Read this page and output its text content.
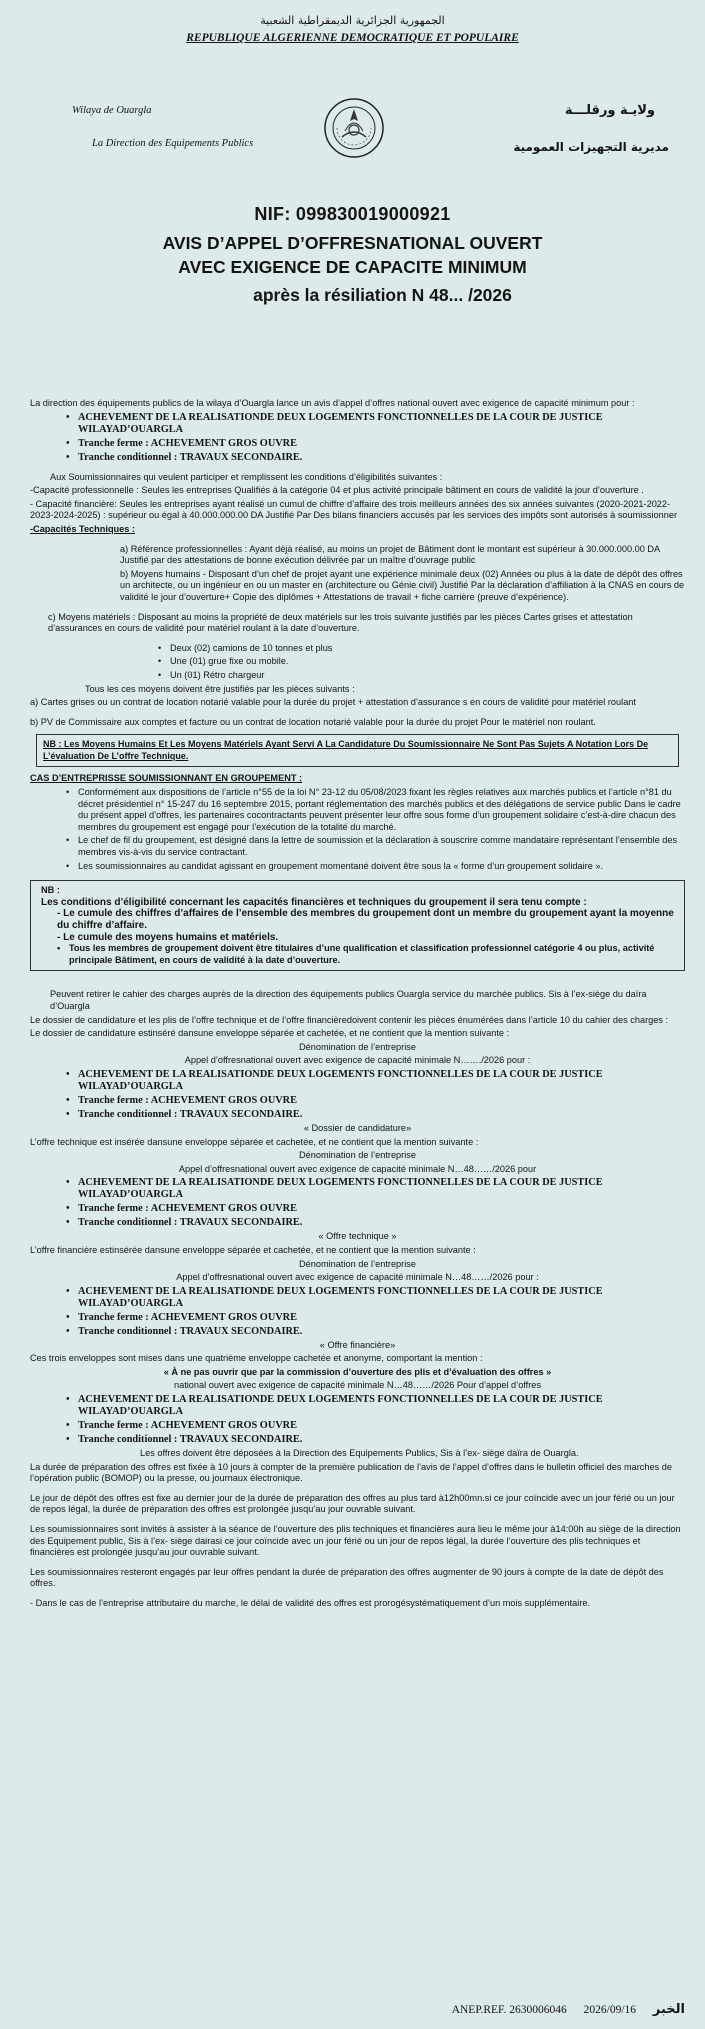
الجمهورية الجزائرية الديمقراطية الشعبية
REPUBLIQUE ALGERIENNE DEMOCRATIQUE ET POPULAIRE
Wilaya de Ouargla
La Direction des Equipements Publics
ولايـة ورقلـــة
مديرية التجهيزات العمومية
NIF: 099830019000921
AVIS D’APPEL D’OFFRESNATIONAL OUVERT
AVEC EXIGENCE DE CAPACITE MINIMUM
après la résiliation N 48... /2026

La direction des équipements publics de la wilaya d’Ouargla lance un avis d’appel d’offres national ouvert avec exigence de capacité minimum pour :

• ACHEVEMENT DE LA REALISATIONDE DEUX LOGEMENTS FONCTIONNELLES DE LA COUR DE JUSTICE WILAYAD’OUARGLA

• Tranche ferme : ACHEVEMENT GROS OUVRE

• Tranche conditionnel : TRAVAUX SECONDAIRE.

Aux Soumissionnaires qui veulent participer et remplissent les conditions d’éligibilités suivantes :

-Capacité professionnelle : Seules les entreprises Qualifiés à la catégorie 04 et plus activité principale bâtiment en cours de validité la jour d’ouverture .

- Capacité financière: Seules les entreprises ayant réalisé un cumul de chiffre d’affaire des trois meilleurs années des six années suivantes (2020-2021-2022-2023-2024-2025) : supérieur ou égal à 40.000.000.00 DA Justifié Par Des bilans financiers accusés par les services des impôts sont autorisés à soumissionner

-Capacités Techniques :

a) Référence professionnelles : Ayant déjà réalisé, au moins un projet de Bâtiment dont le montant est supérieur à 30.000.000.00 DA Justifié par des attestations de bonne exécution délivrée par un maître d’ouvrage public

b) Moyens humains - Disposant d’un chef de projet ayant une expérience minimale deux (02) Années ou plus à la date de dépôt des offres un architecte, ou un ingénieur en ou un master en (architecture ou Génie civil) Justifié Par la déclaration d’affiliation à la CNAS en cours de validité le jour d’ouverture+ Copie des diplômes + Attestations de travail + fiche carrière (preuve d’expérience).

c) Moyens matériels : Disposant au moins la propriété de deux matériels sur les trois suivante justifiés par les pièces Cartes grises et attestation d’assurances en cours de validité pour matériel roulant à la date d’ouverture.

• Deux (02) camions de 10 tonnes et plus

• Une (01) grue fixe ou mobile.

• Un (01) Rétro chargeur

Tous les ces moyens doivent être justifiés par les pièces suivants :

a) Cartes grises ou un contrat de location notarié valable pour la durée du projet + attestation d’assurance s en cours de validité pour matériel roulant

b) PV de Commissaire aux comptes et facture ou un contrat de location notarié valable pour la durée du projet Pour le matériel non roulant.

NB : Les Moyens Humains Et Les Moyens Matériels Ayant Servi A La Candidature Du Soumissionnaire Ne Sont Pas Sujets A Notation Lors De L’évaluation De L’offre Technique.

CAS D’ENTREPRISSE SOUMISSIONNANT EN GROUPEMENT :

• Conformément aux dispositions de l’article n°55 de la loi N° 23-12 du 05/08/2023 fixant les règles relatives aux marchés publics et l’article n°81 du décret présidentiel n° 15-247 du 16 septembre 2015, portant réglementation des marchés publics et des délégations de service public Dans le cadre du présent appel d’offres, les partenaires cocontractants peuvent présenter leur offre sous forme d’un groupement solidaire c’est-à-dire chacun des membres du groupement est engagé pour l’exécution de la totalité du marché.

• Le chef de fil du groupement, est désigné dans la lettre de soumission et la déclaration à souscrire comme mandataire représentant l’ensemble des membres vis-à-vis du service contractant.

• Les soumissionnaires au candidat agissant en groupement momentané doivent être sous la « forme d’un groupement solidaire ».

NB :
Les conditions d’éligibilité concernant les capacités financières et techniques du groupement il sera tenu compte :
- Le cumule des chiffres d’affaires de l’ensemble des membres du groupement dont un membre du groupement ayant la moyenne du chiffre d’affaire.
- Le cumule des moyens humains et matériels.
• Tous les membres de groupement doivent être titulaires d’une qualification et classification professionnel catégorie 4 ou plus, activité principale Bâtiment, en cours de validité à la date d’ouverture.

Peuvent retirer le cahier des charges auprès de la direction des équipements publics Ouargla service du marchée publics. Sis à l’ex-siège du daïra d’Ouargla

Le dossier de candidature et les plis de l’offre technique et de l’offre financièredoivent contenir les pièces énumérées dans l’article 10 du cahier des charges :

Le dossier de candidature estinséré dansune enveloppe séparée et cachetée, et ne contient que la mention suivante :

Dénomination de l’entreprise

Appel d’offresnational ouvert avec exigence de capacité minimale N……./2026 pour :

• ACHEVEMENT DE LA REALISATIONDE DEUX LOGEMENTS FONCTIONNELLES DE LA COUR DE JUSTICE WILAYAD’OUARGLA

• Tranche ferme : ACHEVEMENT GROS OUVRE

• Tranche conditionnel : TRAVAUX SECONDAIRE.

« Dossier de candidature»

L’offre technique est insérée dansune enveloppe séparée et cachetée, et ne contient que la mention suivante :

Dénomination de l’entreprise

Appel d’offresnational ouvert avec exigence de capacité minimale N…48……/2026 pour

• ACHEVEMENT DE LA REALISATIONDE DEUX LOGEMENTS FONCTIONNELLES DE LA COUR DE JUSTICE WILAYAD’OUARGLA

• Tranche ferme : ACHEVEMENT GROS OUVRE

• Tranche conditionnel : TRAVAUX SECONDAIRE.

« Offre technique »

L’offre financière estinsérée dansune enveloppe séparée et cachetée, et ne contient que la mention suivante :

Dénomination de l’entreprise

Appel d’offresnational ouvert avec exigence de capacité minimale N…48……/2026 pour :

• ACHEVEMENT DE LA REALISATIONDE DEUX LOGEMENTS FONCTIONNELLES DE LA COUR DE JUSTICE WILAYAD’OUARGLA

• Tranche ferme : ACHEVEMENT GROS OUVRE

• Tranche conditionnel : TRAVAUX SECONDAIRE.

« Offre financière»

Ces trois enveloppes sont mises dans une quatrième enveloppe cachetée et anonyme, comportant la mention :

« À ne pas ouvrir que par la commission d’ouverture des plis et d’évaluation des offres »

national ouvert avec exigence de capacité minimale N…48……/2026 Pour d’appel d’offres

• ACHEVEMENT DE LA REALISATIONDE DEUX LOGEMENTS FONCTIONNELLES DE LA COUR DE JUSTICE WILAYAD’OUARGLA

• Tranche ferme : ACHEVEMENT GROS OUVRE

• Tranche conditionnel : TRAVAUX SECONDAIRE.

Les offres doivent être déposées à la Direction des Equipements Publics, Sis à l’ex- siège daïra de Ouargla.

La durée de préparation des offres est fixée à 10 jours à compter de la première publication de l’avis de l’appel d’offres dans le bulletin officiel des marches de l’opération public (BOMOP) ou la presse, ou journaux électronique.

Le jour de dépôt des offres est fixe au dernier jour de la durée de préparation des offres au plus tard à12h00mn.si ce jour coïncide avec un jour férié ou un jour de repos légal, la durée de préparation des offres est prolongée jusqu’au jour ouvrable suivant.

Les soumissionnaires sont invités à assister à la séance de l’ouverture des plis techniques et financières aura lieu le même jour à14:00h au siège de la direction des Equipement public, Sis à l’ex- siège dairasi ce jour coïncide avec un jour férié ou un jour de repos légal, la durée l’ouverture des plis techniques et financières est prolongée jusqu’au jour ouvrable suivant.

Les soumissionnaires resteront engagés par leur offres pendant la durée de préparation des offres augmenter de 90 jours à compte de la date de dépôt des offres.

- Dans le cas de l’entreprise attributaire du marche, le délai de validité des offres est prorogésystématiquement d’un mois supplémentaire.

ANEP.REF. 2630006046 2026/09/16 الخبر
